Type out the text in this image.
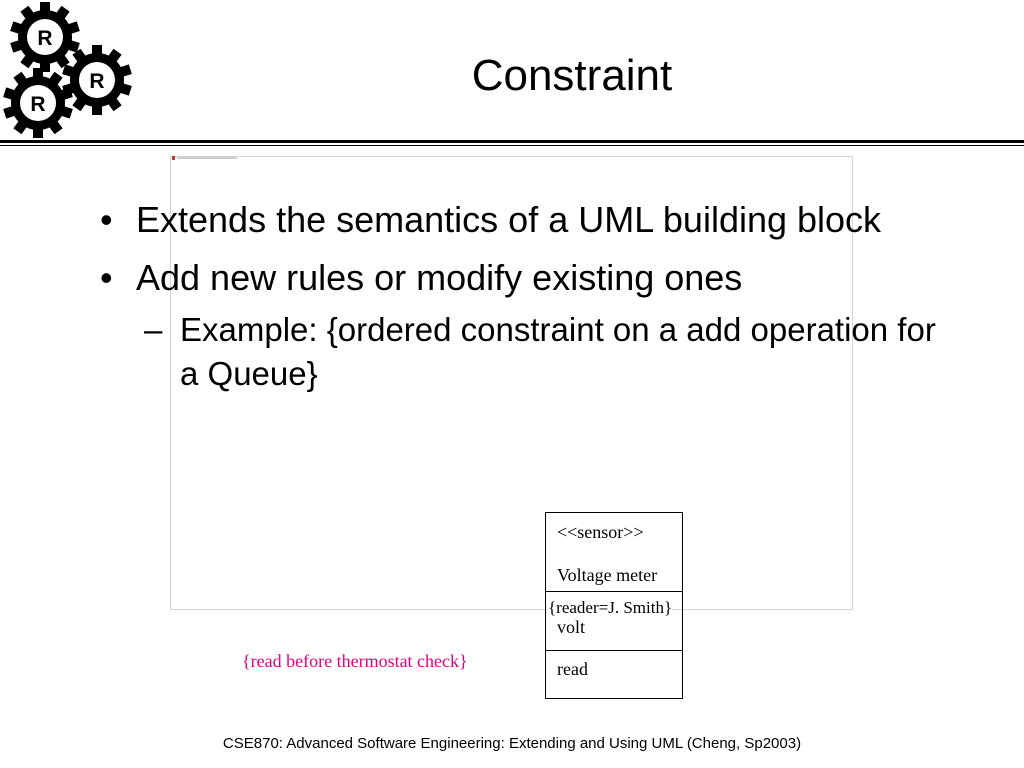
R
R
R
Constraint
• Extends the semantics of a UML building block
• Add new rules or modify existing ones
– Example: {ordered constraint on a add operation for a Queue}
<<sensor>>
Voltage meter
{reader=J. Smith}
volt
read
{read before thermostat check}
CSE870: Advanced Software Engineering: Extending and Using UML (Cheng, Sp2003)
